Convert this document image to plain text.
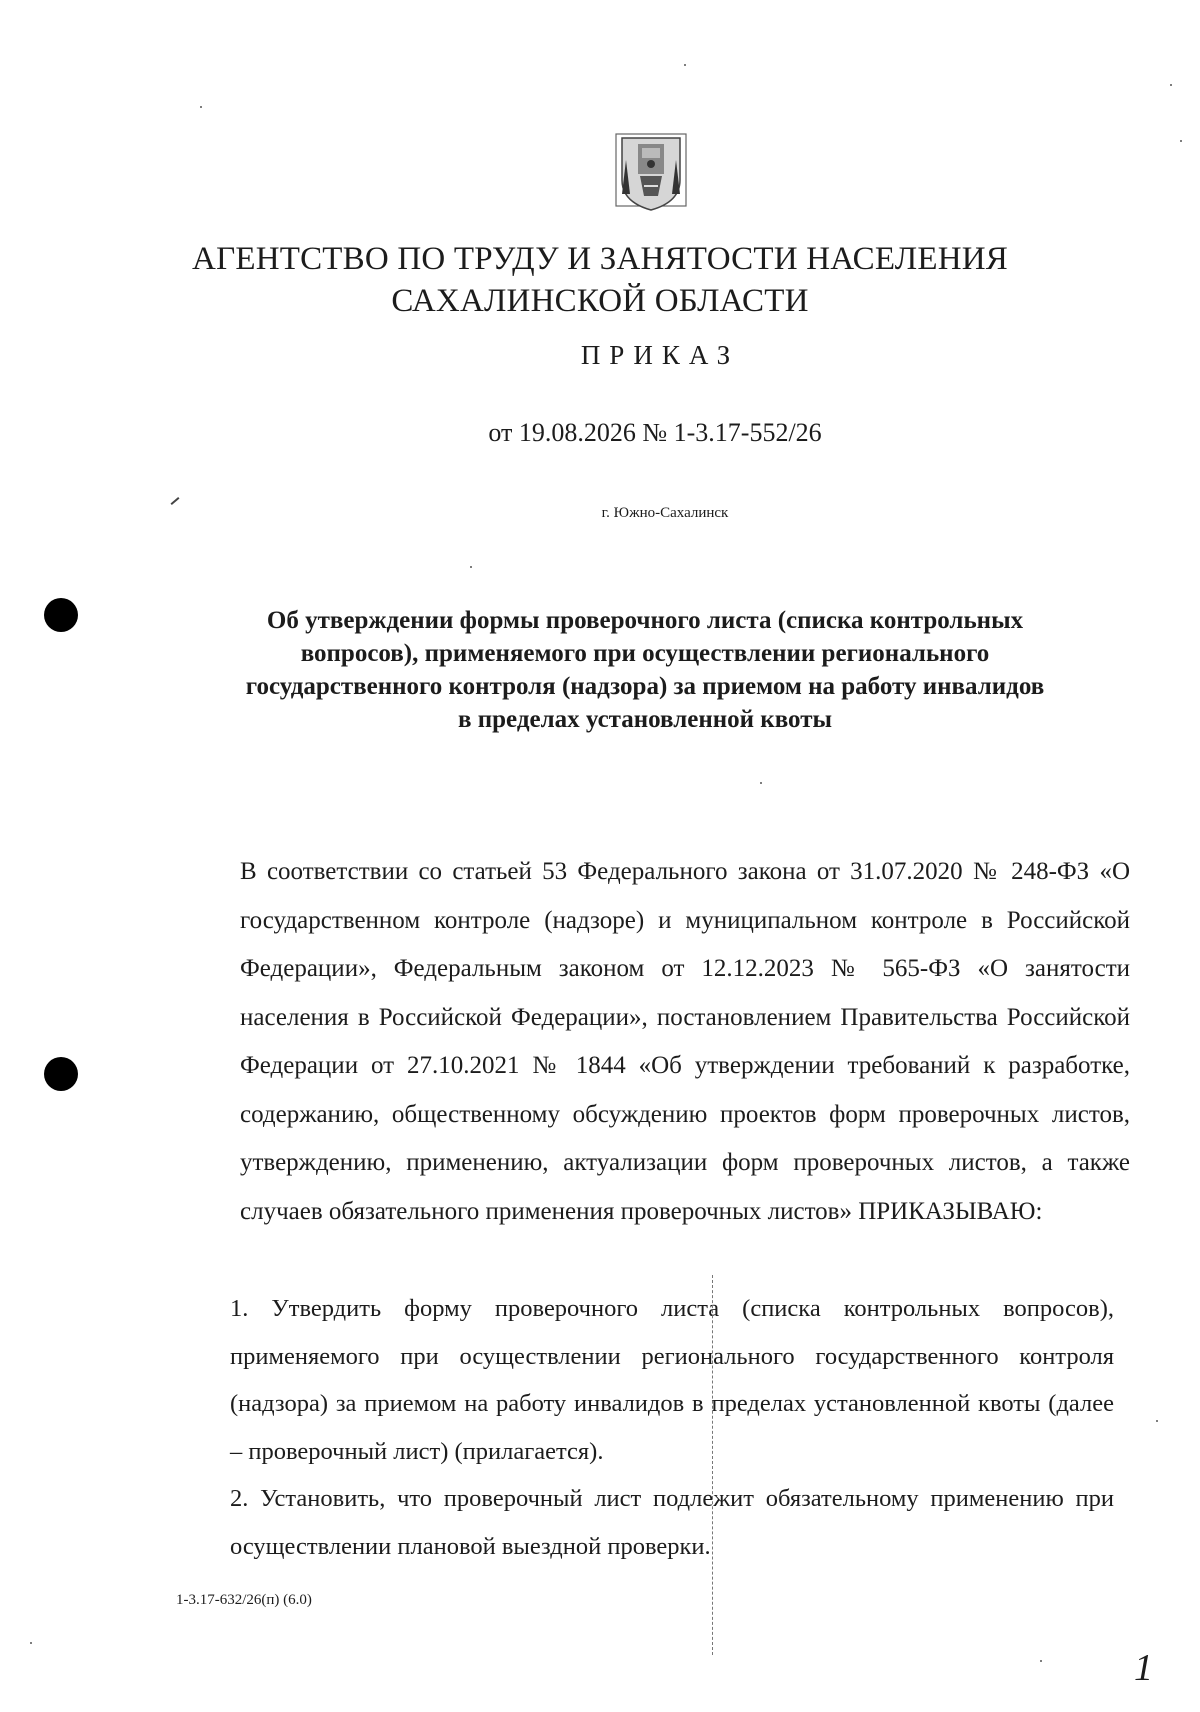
АГЕНТСТВО ПО ТРУДУ И ЗАНЯТОСТИ НАСЕЛЕНИЯ
САХАЛИНСКОЙ ОБЛАСТИ
ПРИКАЗ
от 19.08.2026 № 1-3.17-552/26
г. Южно-Сахалинск
Об утверждении формы проверочного листа (списка контрольных
вопросов), применяемого при осуществлении регионального
государственного контроля (надзора) за приемом на работу инвалидов
в пределах установленной квоты
В соответствии со статьей 53 Федерального закона от 31.07.2020 № 248-ФЗ «О государственном контроле (надзоре) и муниципальном контроле в Российской Федерации», Федеральным законом от 12.12.2023 № 565-ФЗ «О занятости населения в Российской Федерации», постановлением Правительства Российской Федерации от 27.10.2021 № 1844 «Об утверждении требований к разработке, содержанию, общественному обсуждению проектов форм проверочных листов, утверждению, применению, актуализации форм проверочных листов, а также случаев обязательного применения проверочных листов» ПРИКАЗЫВАЮ:
1. Утвердить форму проверочного листа (списка контрольных вопросов), применяемого при осуществлении регионального государственного контроля (надзора) за приемом на работу инвалидов в пределах установленной квоты (далее – проверочный лист) (прилагается).
2. Установить, что проверочный лист подлежит обязательному применению при осуществлении плановой выездной проверки.
1-3.17-632/26(п) (6.0)
1
